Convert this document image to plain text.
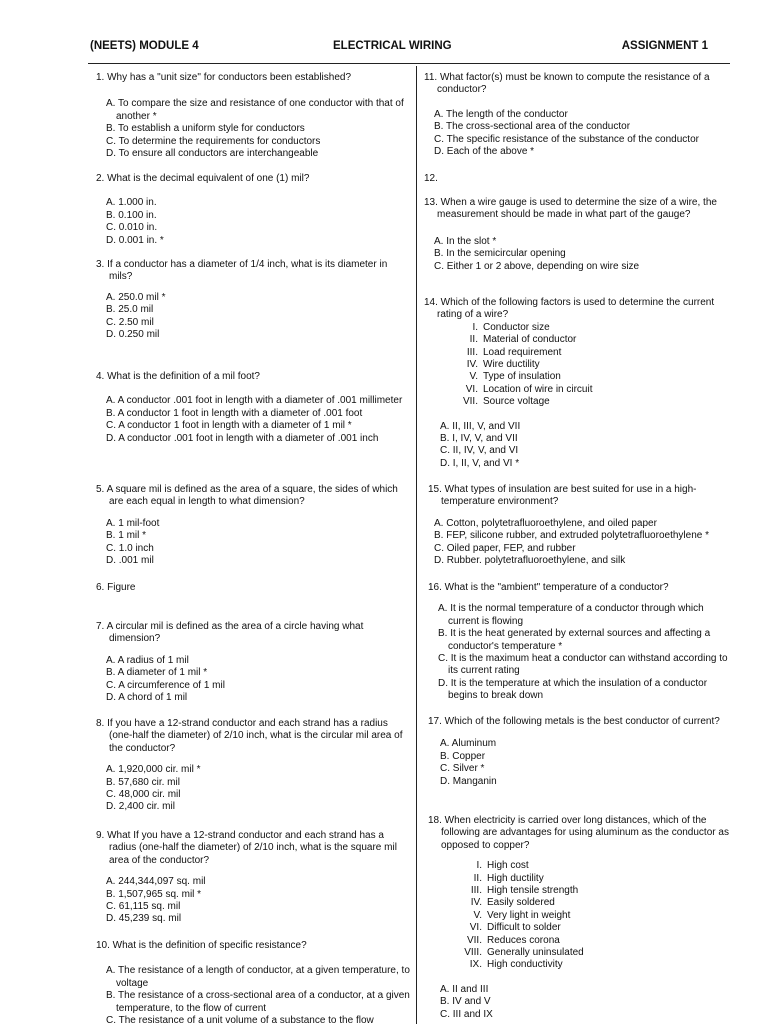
(NEETS) MODULE 4	ELECTRICAL WIRING	ASSIGNMENT 1
1. Why has a "unit size" for conductors been established?
A. To compare the size and resistance of one conductor with that of another *
B. To establish a uniform style for conductors
C. To determine the requirements for conductors
D. To ensure all conductors are interchangeable
2. What is the decimal equivalent of one (1) mil?
A. 1.000 in.
B. 0.100 in.
C. 0.010 in.
D. 0.001 in. *
3. If a conductor has a diameter of 1/4 inch, what is its diameter in mils?
A. 250.0 mil *
B. 25.0 mil
C. 2.50 mil
D. 0.250 mil
4. What is the definition of a mil foot?
A. A conductor .001 foot in length with a diameter of .001 millimeter
B. A conductor 1 foot in length with a diameter of .001 foot
C. A conductor 1 foot in length with a diameter of 1 mil *
D. A conductor .001 foot in length with a diameter of .001 inch
5. A square mil is defined as the area of a square, the sides of which are each equal in length to what dimension?
A. 1 mil-foot
B. 1 mil *
C. 1.0 inch
D. .001 mil
6. Figure
7. A circular mil is defined as the area of a circle having what dimension?
A. A radius of 1 mil
B. A diameter of 1 mil *
C. A circumference of 1 mil
D. A chord of 1 mil
8. If you have a 12-strand conductor and each strand has a radius (one-half the diameter) of 2/10 inch, what is the circular mil area of the conductor?
A. 1,920,000 cir. mil *
B. 57,680 cir. mil
C. 48,000 cir. mil
D. 2,400 cir. mil
9. What If you have a 12-strand conductor and each strand has a radius (one-half the diameter) of 2/10 inch, what is the square mil area of the conductor?
A. 244,344,097 sq. mil
B. 1,507,965 sq. mil *
C. 61,115 sq. mil
D. 45,239 sq. mil
10. What is the definition of specific resistance?
A. The resistance of a length of conductor, at a given temperature, to voltage
B. The resistance of a cross-sectional area of a conductor, at a given temperature, to the flow of current
C. The resistance of a unit volume of a substance to the flow
11. What factor(s) must be known to compute the resistance of a conductor?
A. The length of the conductor
B. The cross-sectional area of the conductor
C. The specific resistance of the substance of the conductor
D. Each of the above *
12.
13. When a wire gauge is used to determine the size of a wire, the measurement should be made in what part of the gauge?
A. In the slot *
B. In the semicircular opening
C. Either 1 or 2 above, depending on wire size
14. Which of the following factors is used to determine the current rating of a wire?
I. Conductor size
II. Material of conductor
III. Load requirement
IV. Wire ductility
V. Type of insulation
VI. Location of wire in circuit
VII. Source voltage
A. II, III, V, and VII
B. I, IV, V, and VII
C. II, IV, V, and VI
D. I, II, V, and VI *
15. What types of insulation are best suited for use in a high-temperature environment?
A. Cotton, polytetrafluoroethylene, and oiled paper
B. FEP, silicone rubber, and extruded polytetrafluoroethylene *
C. Oiled paper, FEP, and rubber
D. Rubber. polytetrafluoroethylene, and silk
16. What is the "ambient" temperature of a conductor?
A. It is the normal temperature of a conductor through which current is flowing
B. It is the heat generated by external sources and affecting a conductor's temperature *
C. It is the maximum heat a conductor can withstand according to its current rating
D. It is the temperature at which the insulation of a conductor begins to break down
17. Which of the following metals is the best conductor of current?
A. Aluminum
B. Copper
C. Silver *
D. Manganin
18. When electricity is carried over long distances, which of the following are advantages for using aluminum as the conductor as opposed to copper?
I. High cost
II. High ductility
III. High tensile strength
IV. Easily soldered
V. Very light in weight
VI. Difficult to solder
VII. Reduces corona
VIII. Generally uninsulated
IX. High conductivity
A. II and III
B. IV and V
C. III and IX
